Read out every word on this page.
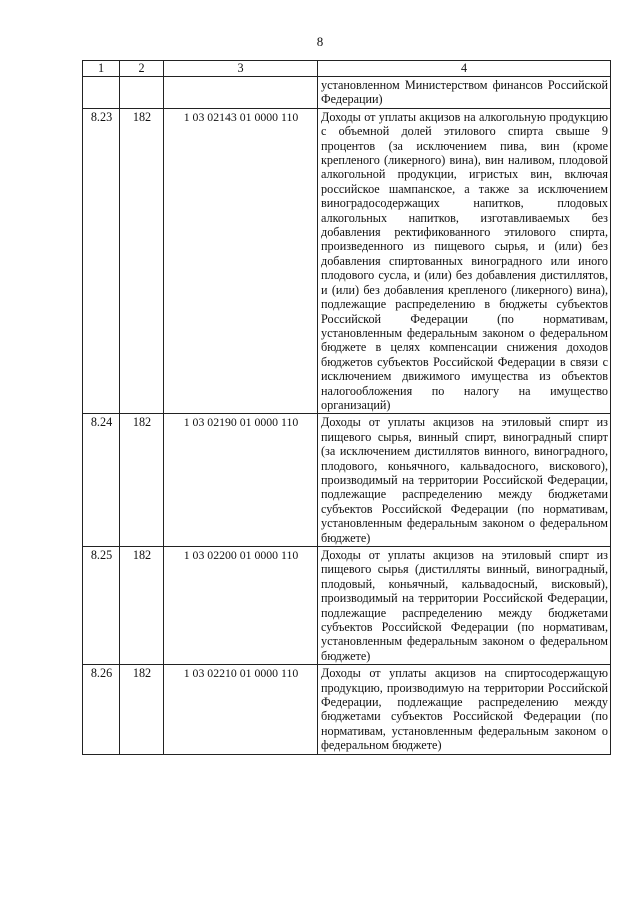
8
1	2	3	4
			установленном Министерством финансов Российской Федерации)
8.23	182	1 03 02143 01 0000 110	Доходы от уплаты акцизов на алкогольную продукцию с объемной долей этилового спирта свыше 9 процентов (за исключением пива, вин (кроме крепленого (ликерного) вина), вин наливом, плодовой алкогольной продукции, игристых вин, включая российское шампанское, а также за исключением виноградосодержащих напитков, плодовых алкогольных напитков, изготавливаемых без добавления ректификованного этилового спирта, произведенного из пищевого сырья, и (или) без добавления спиртованных виноградного или иного плодового сусла, и (или) без добавления дистиллятов, и (или) без добавления крепленого (ликерного) вина), подлежащие распределению в бюджеты субъектов Российской Федерации (по нормативам, установленным федеральным законом о федеральном бюджете в целях компенсации снижения доходов бюджетов субъектов Российской Федерации в связи с исключением движимого имущества из объектов налогообложения по налогу на имущество организаций)
8.24	182	1 03 02190 01 0000 110	Доходы от уплаты акцизов на этиловый спирт из пищевого сырья, винный спирт, виноградный спирт (за исключением дистиллятов винного, виноградного, плодового, коньячного, кальвадосного, вискового), производимый на территории Российской Федерации, подлежащие распределению между бюджетами субъектов Российской Федерации (по нормативам, установленным федеральным законом о федеральном бюджете)
8.25	182	1 03 02200 01 0000 110	Доходы от уплаты акцизов на этиловый спирт из пищевого сырья (дистилляты винный, виноградный, плодовый, коньячный, кальвадосный, висковый), производимый на территории Российской Федерации, подлежащие распределению между бюджетами субъектов Российской Федерации (по нормативам, установленным федеральным законом о федеральном бюджете)
8.26	182	1 03 02210 01 0000 110	Доходы от уплаты акцизов на спиртосодержащую продукцию, производимую на территории Российской Федерации, подлежащие распределению между бюджетами субъектов Российской Федерации (по нормативам, установленным федеральным законом о федеральном бюджете)
